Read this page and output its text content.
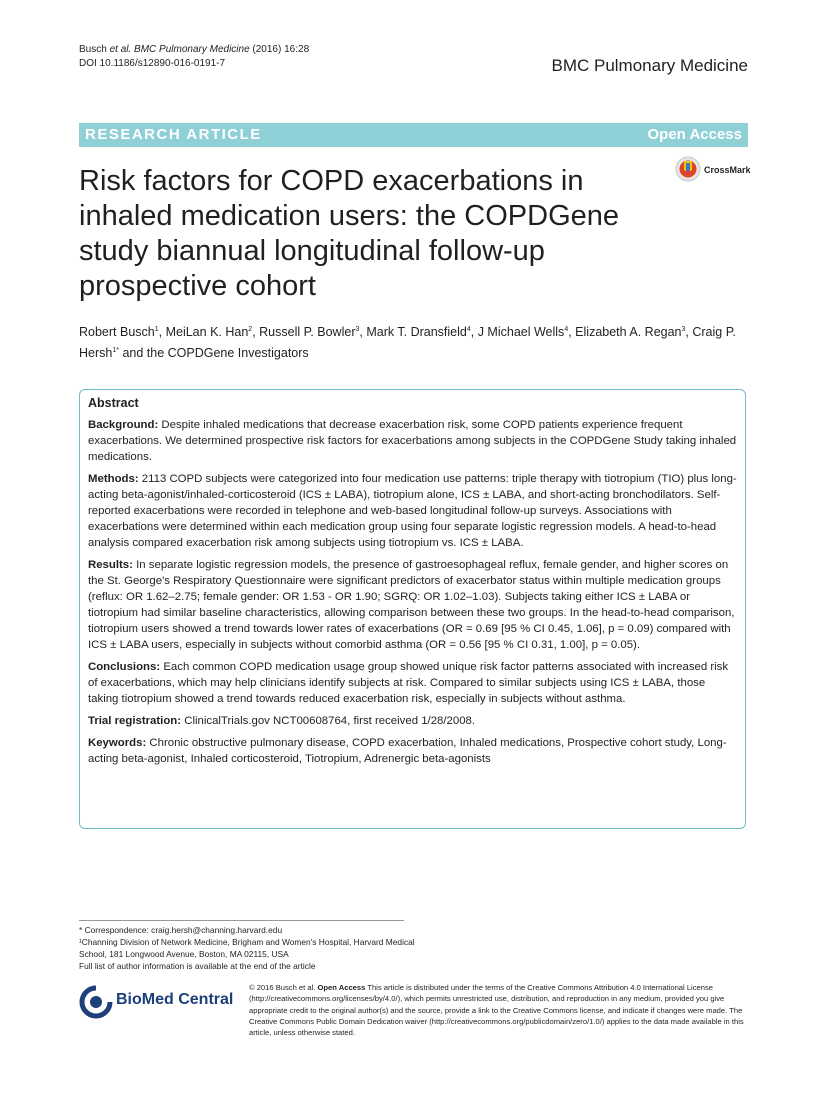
Busch et al. BMC Pulmonary Medicine (2016) 16:28
DOI 10.1186/s12890-016-0191-7	BMC Pulmonary Medicine
RESEARCH ARTICLE	Open Access
Risk factors for COPD exacerbations in inhaled medication users: the COPDGene study biannual longitudinal follow-up prospective cohort
CrossMark
Robert Busch$^1$, MeiLan K. Han$^2$, Russell P. Bowler$^3$, Mark T. Dransfield$^4$, J Michael Wells$^4$, Elizabeth A. Regan$^3$, Craig P. Hersh$^{1*}$ and the COPDGene Investigators
Abstract

Background: Despite inhaled medications that decrease exacerbation risk, some COPD patients experience frequent exacerbations. We determined prospective risk factors for exacerbations among subjects in the COPDGene Study taking inhaled medications.

Methods: 2113 COPD subjects were categorized into four medication use patterns: triple therapy with tiotropium (TIO) plus long-acting beta-agonist/inhaled-corticosteroid (ICS ± LABA), tiotropium alone, ICS ± LABA, and short-acting bronchodilators. Self-reported exacerbations were recorded in telephone and web-based longitudinal follow-up surveys. Associations with exacerbations were determined within each medication group using four separate logistic regression models. A head-to-head analysis compared exacerbation risk among subjects using tiotropium vs. ICS ± LABA.

Results: In separate logistic regression models, the presence of gastroesophageal reflux, female gender, and higher scores on the St. George's Respiratory Questionnaire were significant predictors of exacerbator status within multiple medication groups (reflux: OR 1.62–2.75; female gender: OR 1.53 - OR 1.90; SGRQ: OR 1.02–1.03). Subjects taking either ICS ± LABA or tiotropium had similar baseline characteristics, allowing comparison between these two groups. In the head-to-head comparison, tiotropium users showed a trend towards lower rates of exacerbations (OR = 0.69 [95 % CI 0.45, 1.06], p = 0.09) compared with ICS ± LABA users, especially in subjects without comorbid asthma (OR = 0.56 [95 % CI 0.31, 1.00], p = 0.05).

Conclusions: Each common COPD medication usage group showed unique risk factor patterns associated with increased risk of exacerbations, which may help clinicians identify subjects at risk. Compared to similar subjects using ICS ± LABA, those taking tiotropium showed a trend towards reduced exacerbation risk, especially in subjects without asthma.

Trial registration: ClinicalTrials.gov NCT00608764, first received 1/28/2008.

Keywords: Chronic obstructive pulmonary disease, COPD exacerbation, Inhaled medications, Prospective cohort study, Long-acting beta-agonist, Inhaled corticosteroid, Tiotropium, Adrenergic beta-agonists

* Correspondence: craig.hersh@channing.harvard.edu
¹Channing Division of Network Medicine, Brigham and Women's Hospital, Harvard Medical School, 181 Longwood Avenue, Boston, MA 02115, USA
Full list of author information is available at the end of the article
BioMed Central
© 2016 Busch et al. Open Access This article is distributed under the terms of the Creative Commons Attribution 4.0 International License (http://creativecommons.org/licenses/by/4.0/), which permits unrestricted use, distribution, and reproduction in any medium, provided you give appropriate credit to the original author(s) and the source, provide a link to the Creative Commons license, and indicate if changes were made. The Creative Commons Public Domain Dedication waiver (http://creativecommons.org/publicdomain/zero/1.0/) applies to the data made available in this article, unless otherwise stated.
